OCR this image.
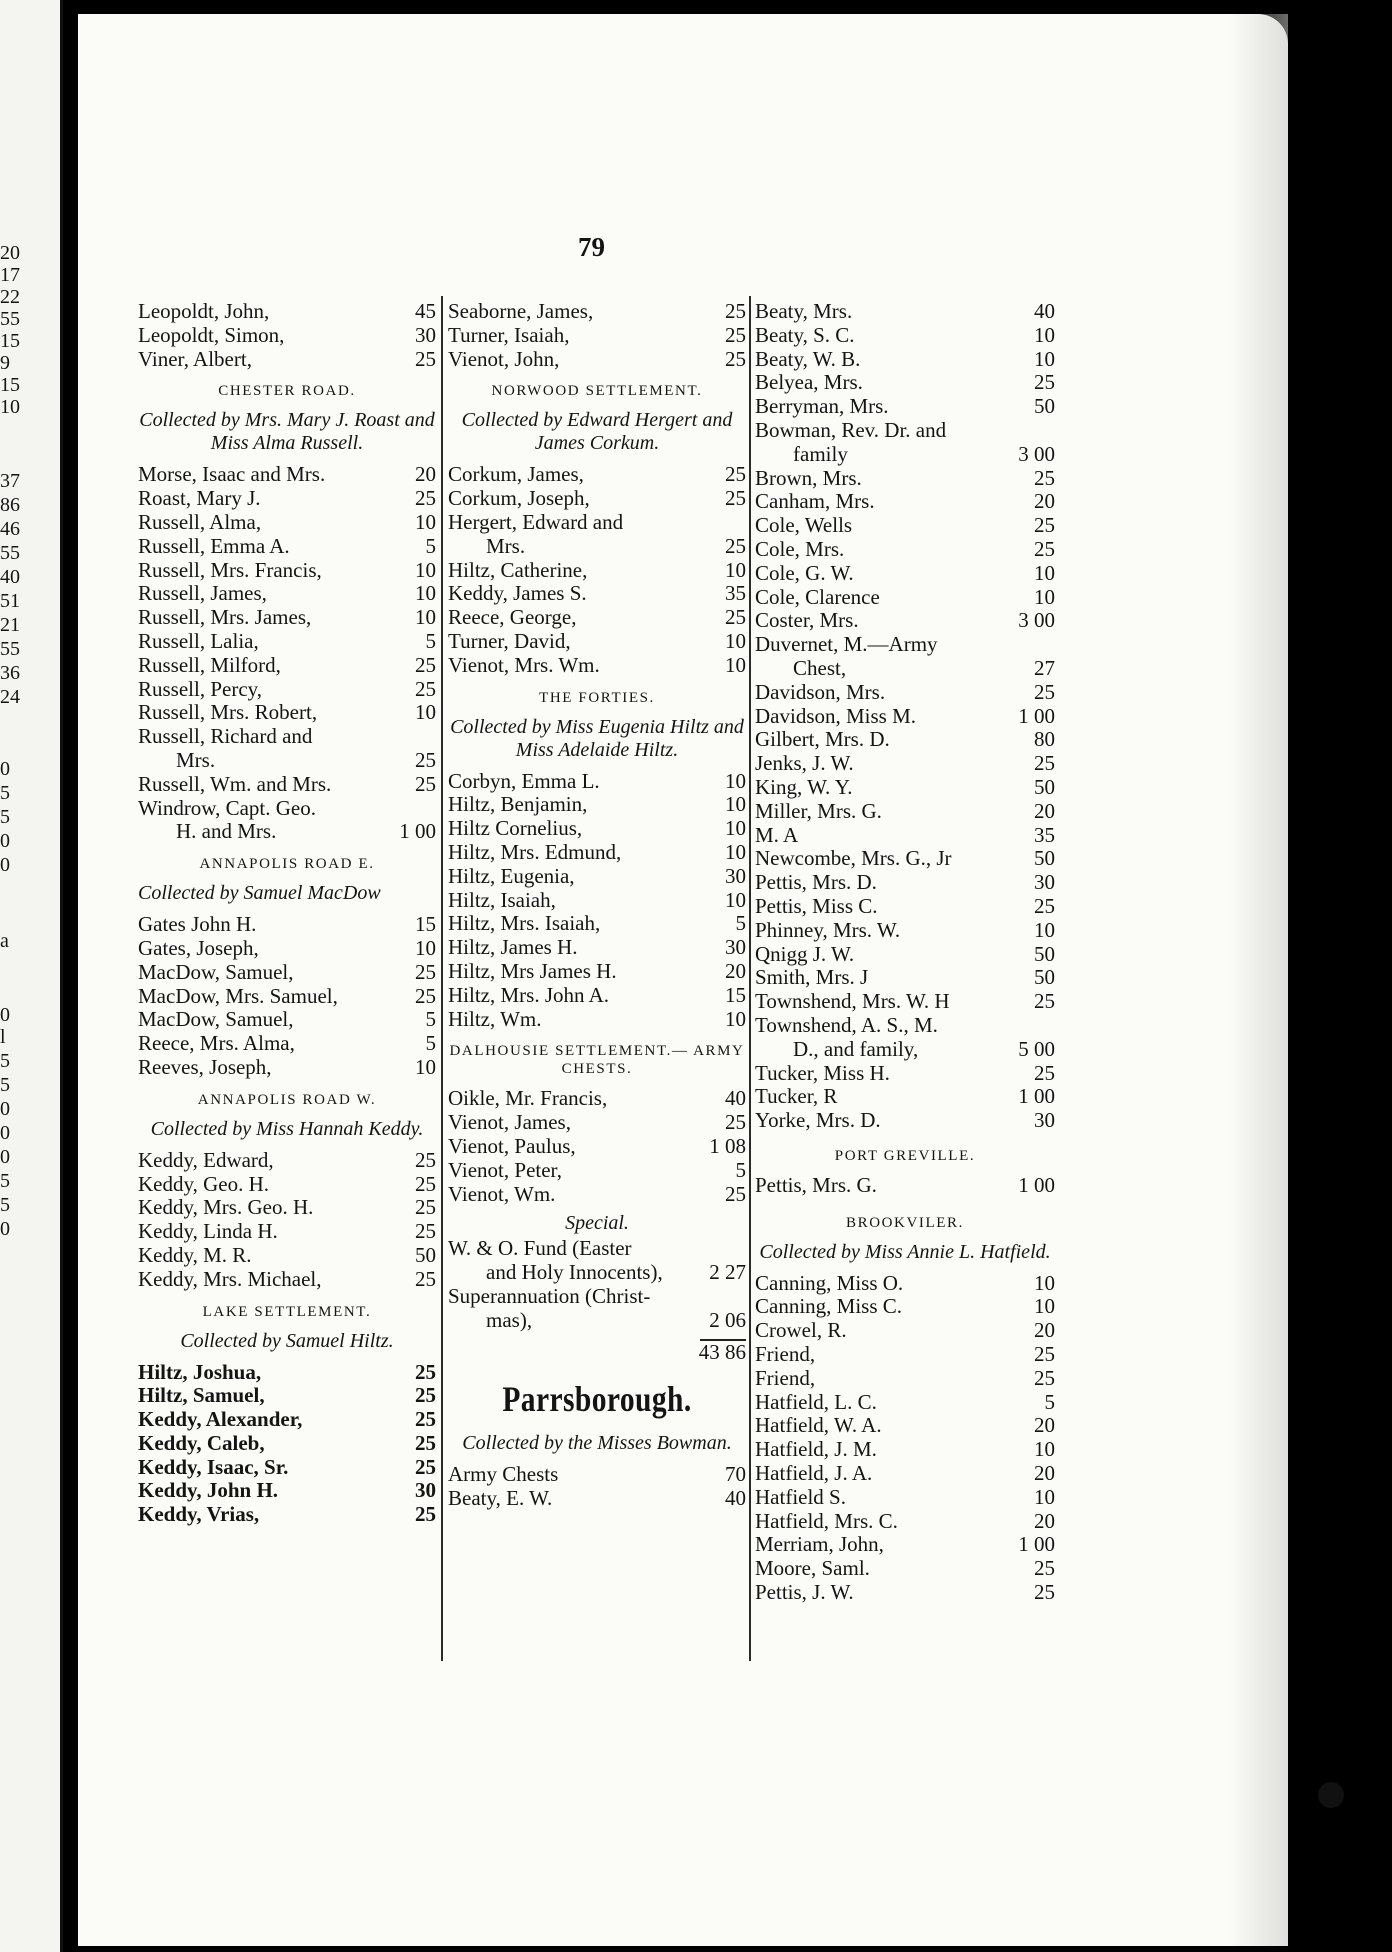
20
17
22
55
15
9
15
10
37
86
46
55
40
51
21
55
36
24
0
5
5
0
0
a
0
l
5
5
0
0
0
5
5
0
79
Leopoldt, John,	45
Leopoldt, Simon,	30
Viner, Albert,	25
CHESTER ROAD.
Collected by Mrs. Mary J. Roast and Miss Alma Russell.
Morse, Isaac and Mrs.	20
Roast, Mary J.	25
Russell, Alma,	10
Russell, Emma A.	5
Russell, Mrs. Francis,	10
Russell, James,	10
Russell, Mrs. James,	10
Russell, Lalia,	5
Russell, Milford,	25
Russell, Percy,	25
Russell, Mrs. Robert,	10
Russell, Richard and
Mrs.	25
Russell, Wm. and Mrs.	25
Windrow, Capt. Geo.
H. and Mrs.	1 00
ANNAPOLIS ROAD E.
Collected by Samuel MacDow
Gates John H.	15
Gates, Joseph,	10
MacDow, Samuel,	25
MacDow, Mrs. Samuel,	25
MacDow, Samuel,	5
Reece, Mrs. Alma,	5
Reeves, Joseph,	10
ANNAPOLIS ROAD W.
Collected by Miss Hannah Keddy.
Keddy, Edward,	25
Keddy, Geo. H.	25
Keddy, Mrs. Geo. H.	25
Keddy, Linda H.	25
Keddy, M. R.	50
Keddy, Mrs. Michael,	25
LAKE SETTLEMENT.
Collected by Samuel Hiltz.
Hiltz, Joshua,	25
Hiltz, Samuel,	25
Keddy, Alexander,	25
Keddy, Caleb,	25
Keddy, Isaac, Sr.	25
Keddy, John H.	30
Keddy, Vrias,	25
Seaborne, James,	25
Turner, Isaiah,	25
Vienot, John,	25
NORWOOD SETTLEMENT.
Collected by Edward Hergert and James Corkum.
Corkum, James,	25
Corkum, Joseph,	25
Hergert, Edward and
Mrs.	25
Hiltz, Catherine,	10
Keddy, James S.	35
Reece, George,	25
Turner, David,	10
Vienot, Mrs. Wm.	10
THE FORTIES.
Collected by Miss Eugenia Hiltz and Miss Adelaide Hiltz.
Corbyn, Emma L.	10
Hiltz, Benjamin,	10
Hiltz Cornelius,	10
Hiltz, Mrs. Edmund,	10
Hiltz, Eugenia,	30
Hiltz, Isaiah,	10
Hiltz, Mrs. Isaiah,	5
Hiltz, James H.	30
Hiltz, Mrs James H.	20
Hiltz, Mrs. John A.	15
Hiltz, Wm.	10
DALHOUSIE SETTLEMENT.— ARMY CHESTS.
Oikle, Mr. Francis,	40
Vienot, James,	25
Vienot, Paulus,	1 08
Vienot, Peter,	5
Vienot, Wm.	25
Special.
W. & O. Fund (Easter
and Holy Innocents),	2 27
Superannuation (Christ-
mas),	2 06
43 86
Parrsborough.
Collected by the Misses Bowman.
Army Chests	70
Beaty, E. W.	40
Beaty, Mrs.	40
Beaty, S. C.	10
Beaty, W. B.	10
Belyea, Mrs.	25
Berryman, Mrs.	50
Bowman, Rev. Dr. and
family	3 00
Brown, Mrs.	25
Canham, Mrs.	20
Cole, Wells	25
Cole, Mrs.	25
Cole, G. W.	10
Cole, Clarence	10
Coster, Mrs.	3 00
Duvernet, M.—Army
Chest,	27
Davidson, Mrs.	25
Davidson, Miss M.	1 00
Gilbert, Mrs. D.	80
Jenks, J. W.	25
King, W. Y.	50
Miller, Mrs. G.	20
M. A	35
Newcombe, Mrs. G., Jr	50
Pettis, Mrs. D.	30
Pettis, Miss C.	25
Phinney, Mrs. W.	10
Qnigg J. W.	50
Smith, Mrs. J	50
Townshend, Mrs. W. H	25
Townshend, A. S., M.
D., and family,	5 00
Tucker, Miss H.	25
Tucker, R	1 00
Yorke, Mrs. D.	30
PORT GREVILLE.
Pettis, Mrs. G.	1 00
BROOKVILER.
Collected by Miss Annie L. Hatfield.
Canning, Miss O.	10
Canning, Miss C.	10
Crowel, R.	20
Friend,	25
Friend,	25
Hatfield, L. C.	5
Hatfield, W. A.	20
Hatfield, J. M.	10
Hatfield, J. A.	20
Hatfield S.	10
Hatfield, Mrs. C.	20
Merriam, John,	1 00
Moore, Saml.	25
Pettis, J. W.	25
